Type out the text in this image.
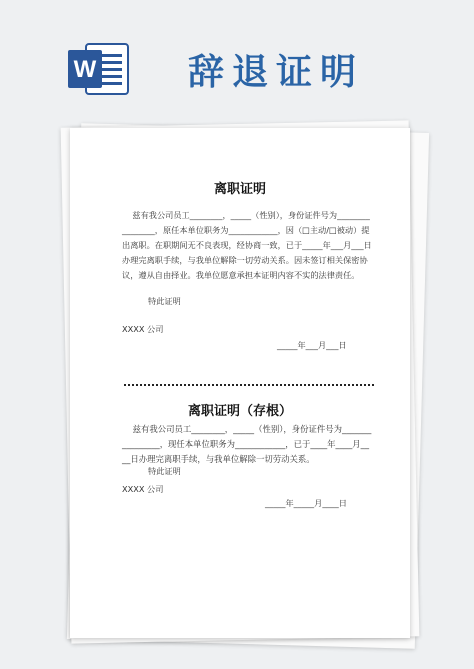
W	辞退证明
离职证明
兹有我公司员工________，_____（性别），身份证件号为________________，原任本单位职务为____________，因（□主动/□被动）提出离职。在职期间无不良表现，经协商一致，已于_____年___月___日办理完离职手续，与我单位解除一切劳动关系。因未签订相关保密协议，遵从自由择业。我单位愿意承担本证明内容不实的法律责任。
特此证明
XXXX 公司
_____年___月___日
离职证明（存根）
兹有我公司员工________，_____（性别），身份证件号为________________，现任本单位职务为____________，已于____年____月____日办理完离职手续，与我单位解除一切劳动关系。
特此证明
XXXX 公司
_____年_____月____日
